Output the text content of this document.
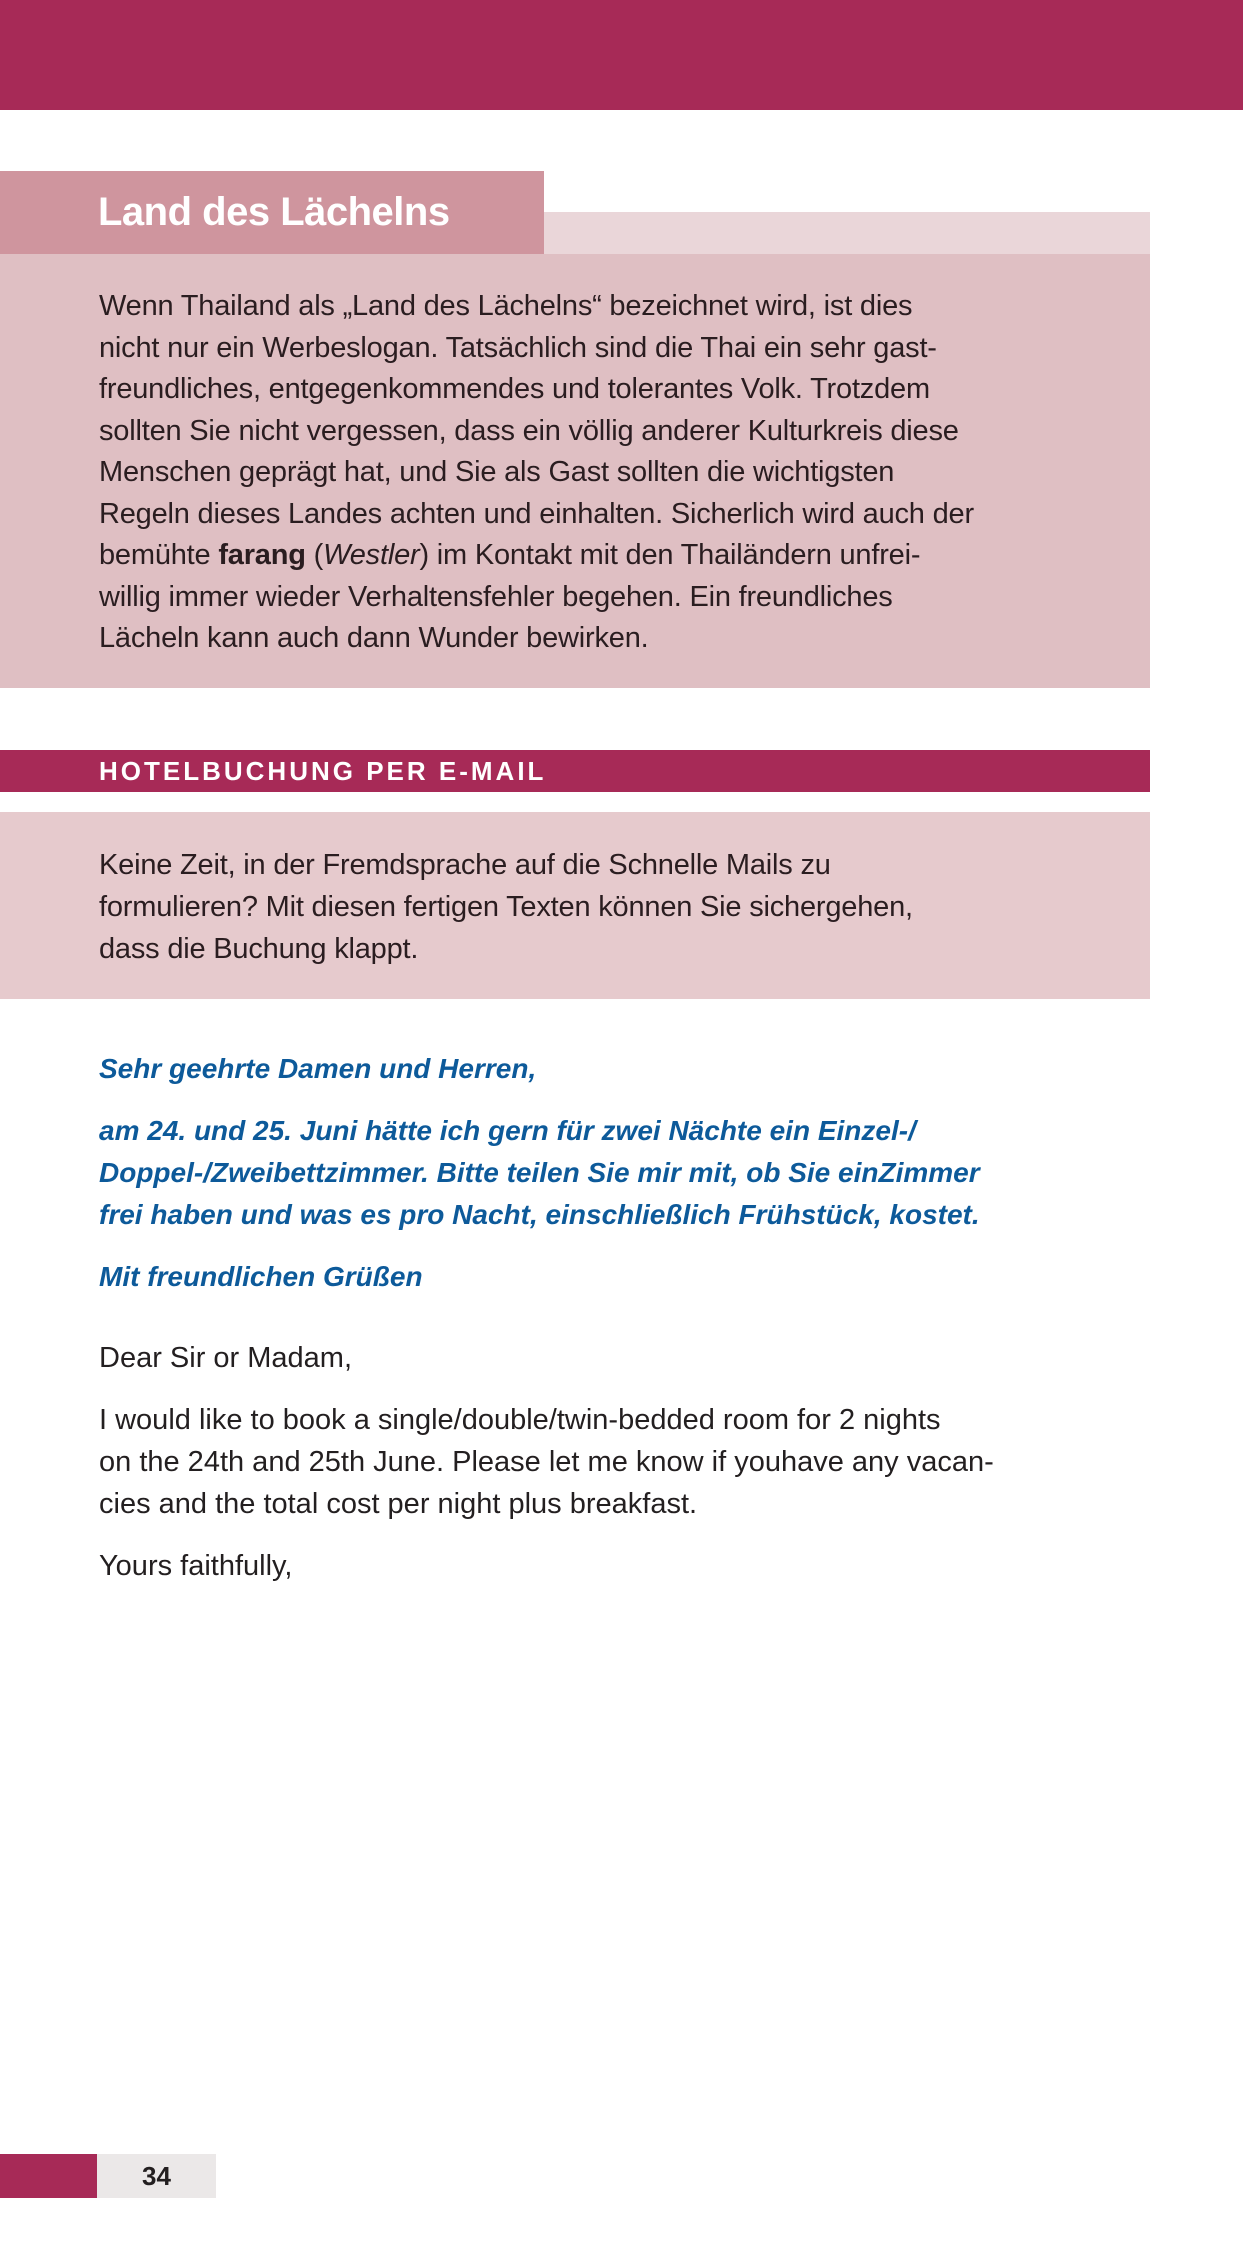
Land des Lächelns
Wenn Thailand als „Land des Lächelns“ bezeichnet wird, ist dies
nicht nur ein Werbeslogan. Tatsächlich sind die Thai ein sehr gast-
freundliches, entgegenkommendes und tolerantes Volk. Trotzdem
sollten Sie nicht vergessen, dass ein völlig anderer Kulturkreis diese
Menschen geprägt hat, und Sie als Gast sollten die wichtigsten
Regeln dieses Landes achten und einhalten. Sicherlich wird auch der
bemühte farang (Westler) im Kontakt mit den Thailändern unfrei-
willig immer wieder Verhaltensfehler begehen. Ein freundliches
Lächeln kann auch dann Wunder bewirken.
HOTELBUCHUNG PER E-MAIL
Keine Zeit, in der Fremdsprache auf die Schnelle Mails zu
formulieren? Mit diesen fertigen Texten können Sie sichergehen,
dass die Buchung klappt.

Sehr geehrte Damen und Herren,

am 24. und 25. Juni hätte ich gern für zwei Nächte ein Einzel-/
Doppel-/Zweibettzimmer. Bitte teilen Sie mir mit, ob Sie einZimmer
frei haben und was es pro Nacht, einschließlich Frühstück, kostet.

Mit freundlichen Grüßen

Dear Sir or Madam,

I would like to book a single/double/twin-bedded room for 2 nights
on the 24th and 25th June. Please let me know if youhave any vacan-
cies and the total cost per night plus breakfast.

Yours faithfully,

34
